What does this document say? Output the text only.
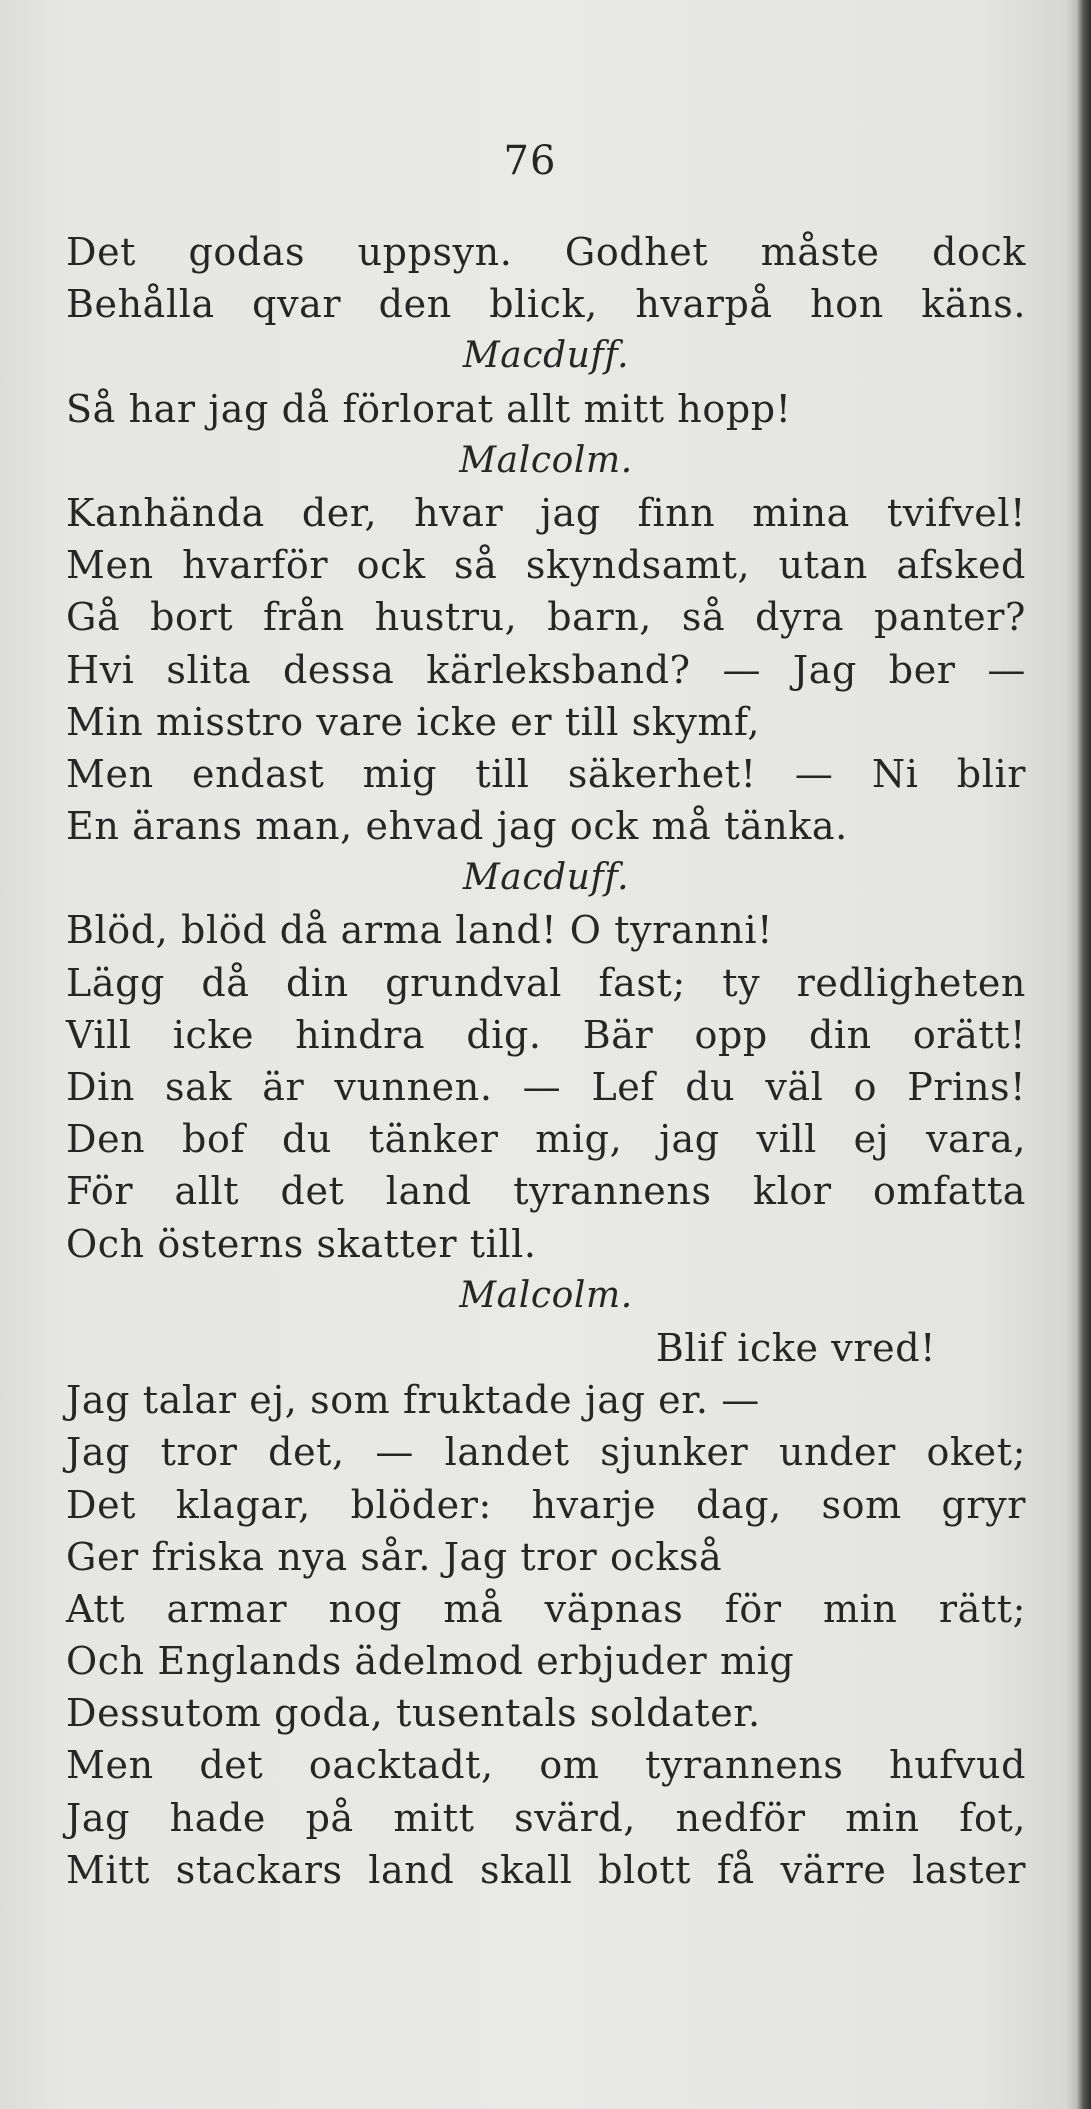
76
Det godas uppsyn. Godhet måste dock
Behålla qvar den blick, hvarpå hon käns.
Macduff.
Så har jag då förlorat allt mitt hopp!
Malcolm.
Kanhända der, hvar jag finn mina tvifvel!
Men hvarför ock så skyndsamt, utan afsked
Gå bort från hustru, barn, så dyra panter?
Hvi slita dessa kärleksband? — Jag ber —
Min misstro vare icke er till skymf,
Men endast mig till säkerhet! — Ni blir
En ärans man, ehvad jag ock må tänka.
Macduff.
Blöd, blöd då arma land! O tyranni!
Lägg då din grundval fast; ty redligheten
Vill icke hindra dig. Bär opp din orätt!
Din sak är vunnen. — Lef du väl o Prins!
Den bof du tänker mig, jag vill ej vara,
För allt det land tyrannens klor omfatta
Och österns skatter till.
Malcolm.
Blif icke vred!
Jag talar ej, som fruktade jag er. —
Jag tror det, — landet sjunker under oket;
Det klagar, blöder: hvarje dag, som gryr
Ger friska nya sår. Jag tror också
Att armar nog må väpnas för min rätt;
Och Englands ädelmod erbjuder mig
Dessutom goda, tusentals soldater.
Men det oacktadt, om tyrannens hufvud
Jag hade på mitt svärd, nedför min fot,
Mitt stackars land skall blott få värre laster
